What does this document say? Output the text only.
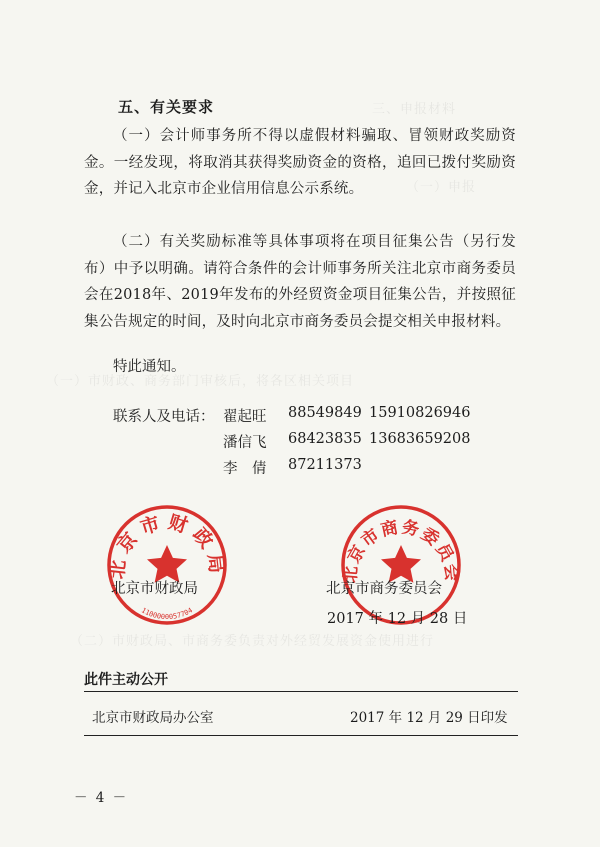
三、申报材料
（一）申报
（一）市财政、商务部门审核后，将各区相关项目
（二）市财政局、市商务委负责对外经贸发展资金使用进行
五、有关要求

（一）会计师事务所不得以虚假材料骗取、冒领财政奖励资金。一经发现，将取消其获得奖励资金的资格，追回已拨付奖励资金，并记入北京市企业信用信息公示系统。

（二）有关奖励标准等具体事项将在项目征集公告（另行发布）中予以明确。请符合条件的会计师事务所关注北京市商务委员会在2018年、2019年发布的外经贸资金项目征集公告，并按照征集公告规定的时间，及时向北京市商务委员会提交相关申报材料。

特此通知。
联系人及电话： 翟起旺 88549849 15910826946
潘信飞 68423835 13683659208
李　倩 87211373
北京市财政局
1100000057704
北京市商务委员会
北京市财政局	北京市商务委员会
2017 年 12 月 28 日
此件主动公开
北京市财政局办公室	2017 年 12 月 29 日印发
－ 4 －
